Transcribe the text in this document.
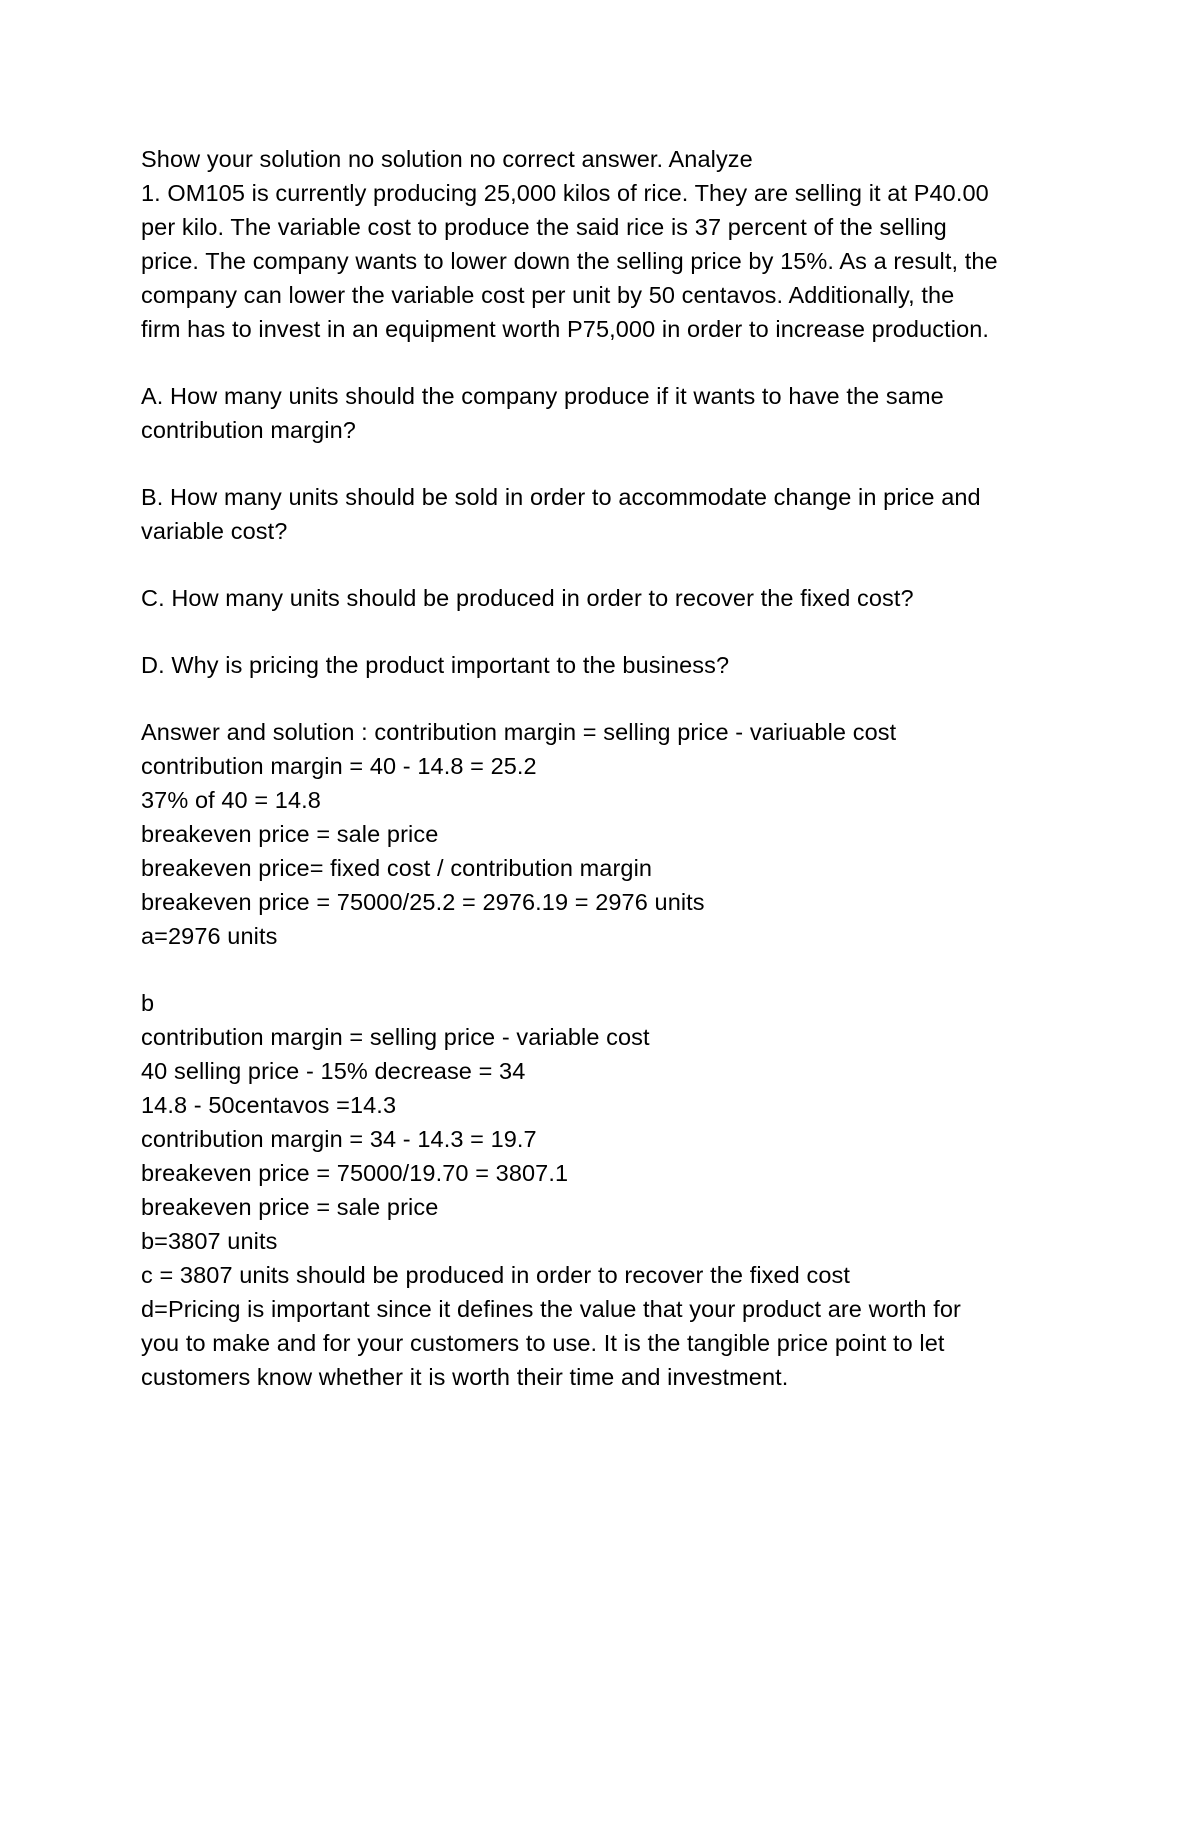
Show your solution no solution no correct answer. Analyze
1. OM105 is currently producing 25,000 kilos of rice. They are selling it at P40.00
per kilo. The variable cost to produce the said rice is 37 percent of the selling
price. The company wants to lower down the selling price by 15%. As a result, the
company can lower the variable cost per unit by 50 centavos. Additionally, the
firm has to invest in an equipment worth P75,000 in order to increase production.
A. How many units should the company produce if it wants to have the same
contribution margin?
B. How many units should be sold in order to accommodate change in price and
variable cost?
C. How many units should be produced in order to recover the fixed cost?
D. Why is pricing the product important to the business?
Answer and solution : contribution margin = selling price - variuable cost
contribution margin = 40 - 14.8 = 25.2
37% of 40 = 14.8
breakeven price = sale price
breakeven price= fixed cost / contribution margin
breakeven price = 75000/25.2 = 2976.19 = 2976 units
a=2976 units
b
contribution margin = selling price - variable cost
40 selling price - 15% decrease = 34
14.8 - 50centavos =14.3
contribution margin = 34 - 14.3 = 19.7
breakeven price = 75000/19.70 = 3807.1
breakeven price = sale price
b=3807 units
c = 3807 units should be produced in order to recover the fixed cost
d=Pricing is important since it defines the value that your product are worth for
you to make and for your customers to use. It is the tangible price point to let
customers know whether it is worth their time and investment.
